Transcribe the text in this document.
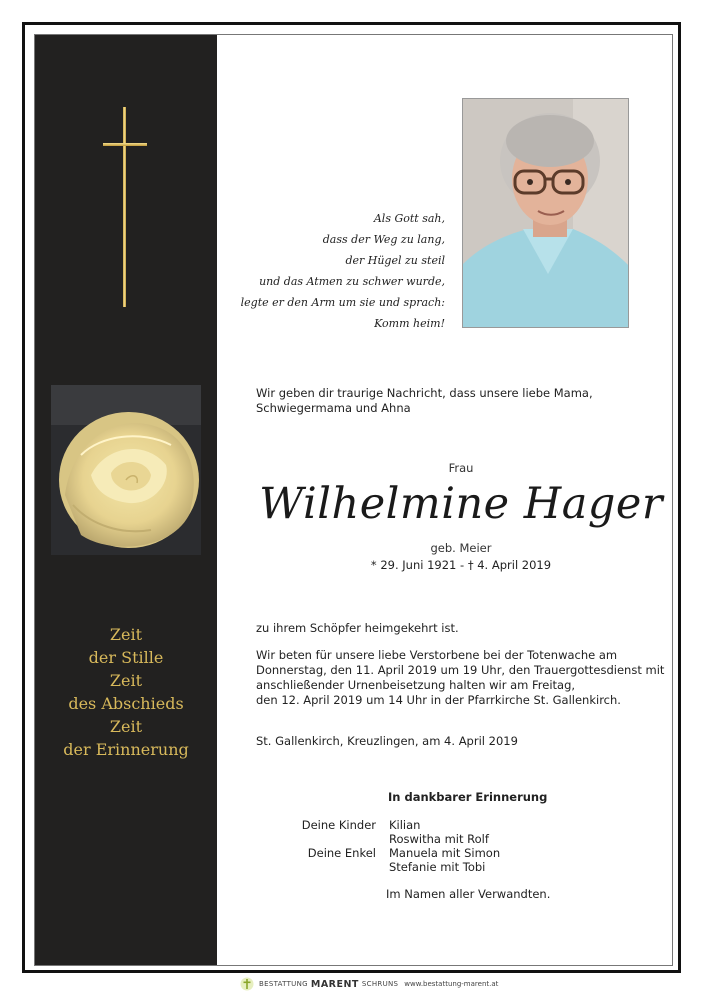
Zeit
der Stille
Zeit
des Abschieds
Zeit
der Erinnerung
Als Gott sah,
dass der Weg zu lang,
der Hügel zu steil
und das Atmen zu schwer wurde,
legte er den Arm um sie und sprach:
Komm heim!
Wir geben dir traurige Nachricht, dass unsere liebe Mama,
Schwiegermama und Ahna
Frau
Wilhelmine Hager
geb. Meier
* 29. Juni 1921 - † 4. April 2019
zu ihrem Schöpfer heimgekehrt ist.
Wir beten für unsere liebe Verstorbene bei der Totenwache am
Donnerstag, den 11. April 2019 um 19 Uhr, den Trauergottesdienst mit
anschließender Urnenbeisetzung halten wir am Freitag,
den 12. April 2019 um 14 Uhr in der Pfarrkirche St. Gallenkirch.
St. Gallenkirch, Kreuzlingen, am 4. April 2019
In dankbarer Erinnerung
Deine Kinder Kilian
Roswitha mit Rolf
Deine Enkel Manuela mit Simon
Stefanie mit Tobi
Im Namen aller Verwandten.
BESTATTUNG MARENT SCHRUNS www.bestattung-marent.at
